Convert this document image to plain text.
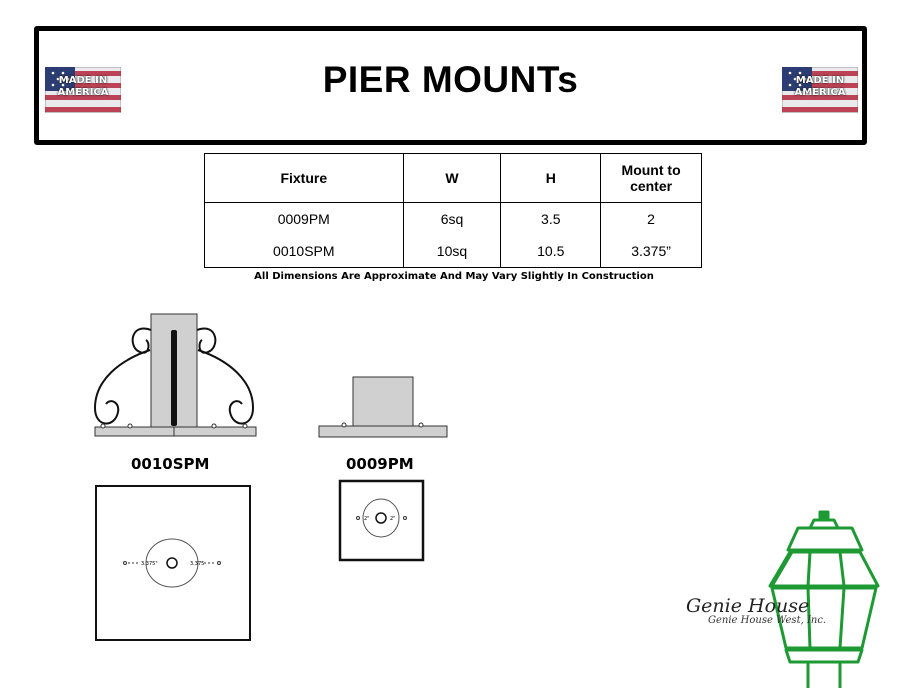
MADE IN
AMERICA	PIER MOUNTs	MADE IN
AMERICA
Fixture	W	H	Mount to center
0009PM	6sq	3.5	2
0010SPM	10sq	10.5	3.375”
All Dimensions Are Approximate And May Vary Slightly In Construction
3.375"	3.375
2"	2"
0010SPM	0009PM
Genie House
Genie House West, Inc.
